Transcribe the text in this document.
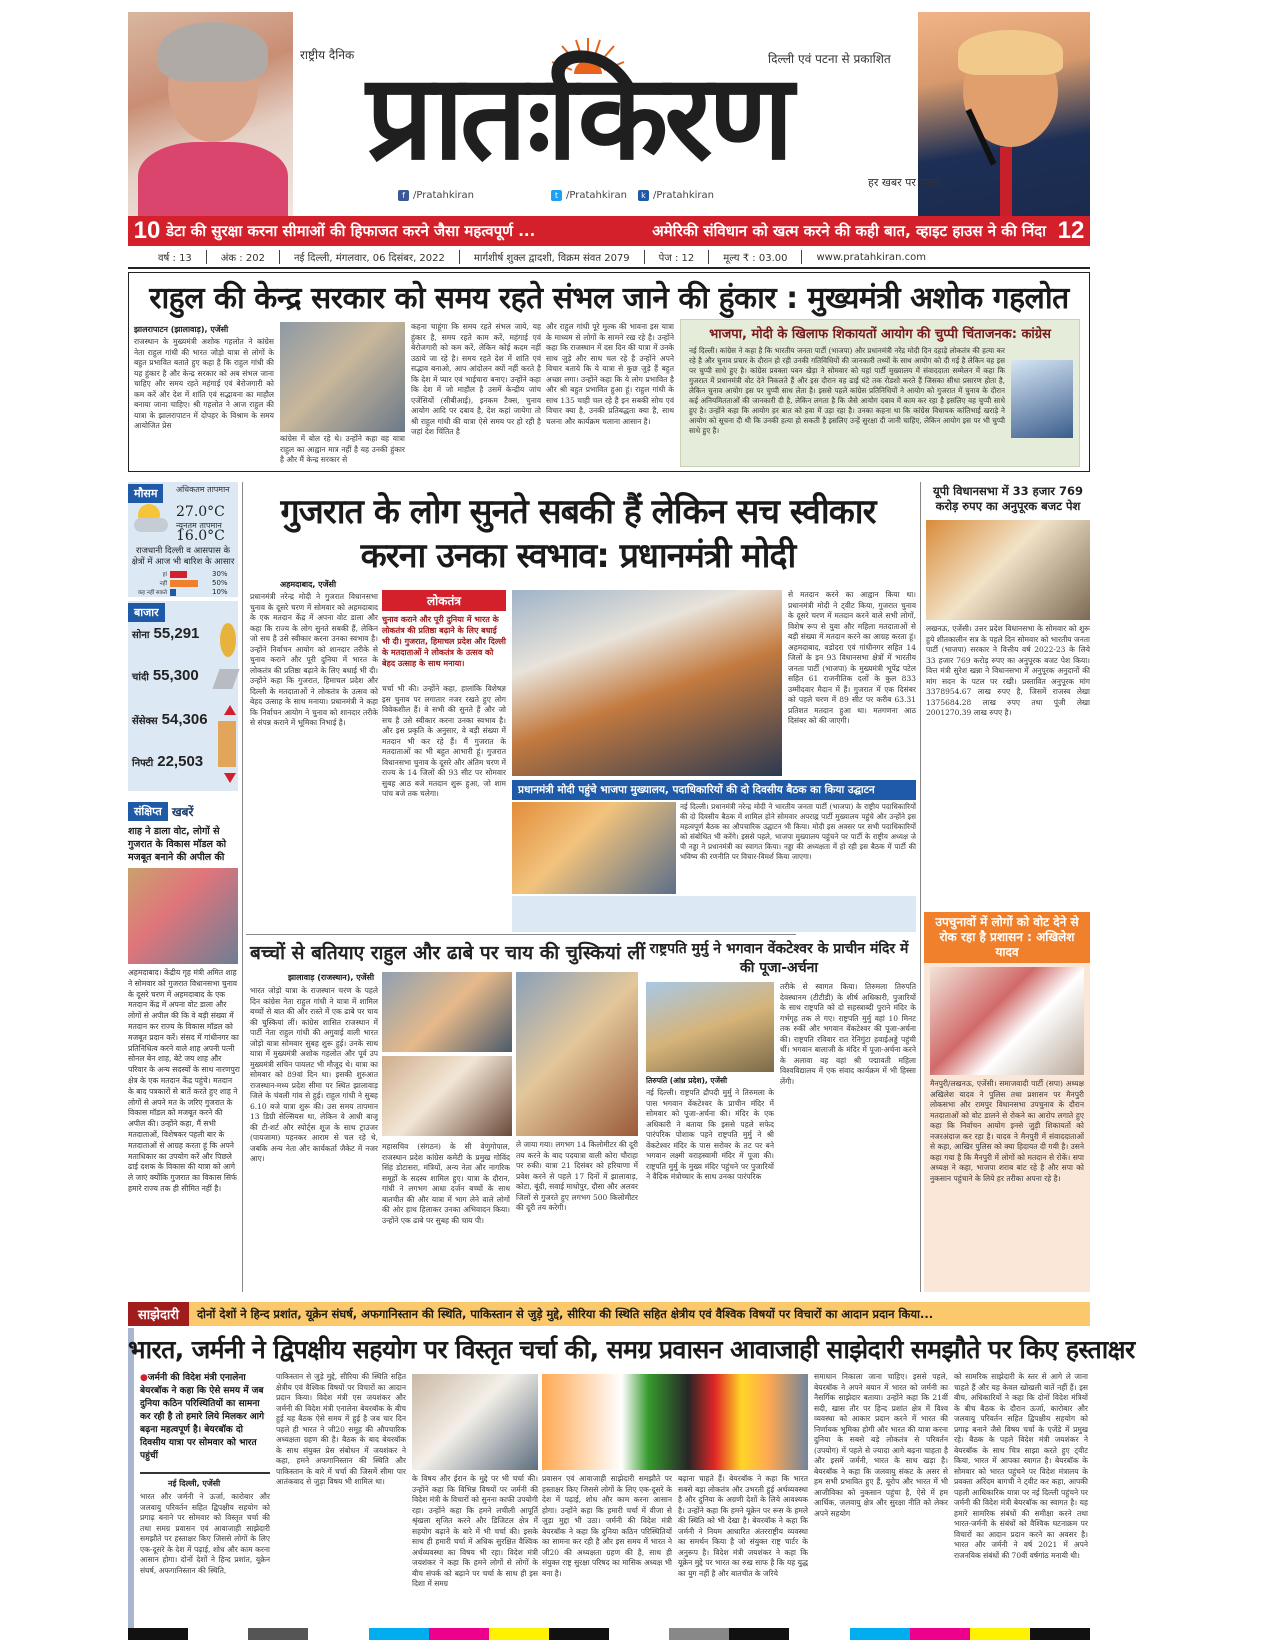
राष्ट्रीय दैनिक प्रातःकिरण
दिल्ली एवं पटना से प्रकाशित
हर खबर पर पकड़
f /Pratahkiran	t /Pratahkiran	k /Pratahkiran
10 डेटा की सुरक्षा करना सीमाओं की हिफाजत करने जैसा महत्वपूर्ण ...	अमेरिकी संविधान को खत्म करने की कही बात, व्हाइट हाउस ने की निंदा 12
वर्ष : 13	अंक : 202	नई दिल्ली, मंगलवार, 06 दिसंबर, 2022	मार्गशीर्ष शुक्ल द्वादशी, विक्रम संवत 2079	पेज : 12	मूल्य ₹ : 03.00	www.pratahkiran.com
राहुल की केन्द्र सरकार को समय रहते संभल जाने की हुंकार : मुख्यमंत्री अशोक गहलोत
झालरापाटन (झालावाड़), एजेंसी
राजस्थान के मुख्यमंत्री अशोक गहलोत ने कांग्रेस नेता राहुल गांधी की भारत जोड़ो यात्रा से लोगों के बहुत प्रभावित बताते हुए कहा है कि राहुल गांधी की यह हुंकार है और केन्द्र सरकार को अब संभल जाना चाहिए और समय रहते महंगाई एवं बेरोजगारी को कम करें और देश में शांति एवं सद्भावना का माहौल बनाया जाना चाहिए। श्री गहलोत ने आज राहुल की यात्रा के झालरापाटन में दोपहर के विश्राम के समय आयोजित प्रेस
कांग्रेस में बोल रहे थे। उन्होंने कहा वह यात्रा राहुल का आह्वान मात्र नहीं है यह उनकी हुंकार है और मैं केन्द्र सरकार से
कहना चाहूंगा कि समय रहते संभल जाये, यह हुंकार है, समय रहते काम करें, महंगाई एवं बेरोजगारी को कम करें, लेकिन कोई कदम नहीं उठाये जा रहे है। समय रहते देश में शांति एवं सद्भाव बनाओ, आप आंदोलन क्यों नहीं करते है कि देश में प्यार एवं भाईचारा बनाए। उन्होंने कहा कि देश में जो माहौल है उसमें केन्द्रीय जांच एजेंसियों (सीबीआई), इनकम टैक्स, चुनाव आयोग आदि पर दबाव है, देश कहां जायेगा तो श्री राहुल गांधी की यात्रा ऐसे समय पर हो रही है जहां देश चिंतित है
और राहुल गांधी पूरे मुल्क की भावना इस यात्रा के माध्यम से लोगों के सामने रख रहे है। उन्होंने कहा कि राजस्थान में दस दिन की यात्रा में उनके साथ जुड़े और साथ चल रहे है उन्होंने अपने विचार बताये कि ये यात्रा से कुछ जुड़े हैं बहुत अच्छा लगा। उन्होंने कहा कि ये लोग प्रभावित है और श्री बहुत प्रभावित हुआ हूं। राहुल गांधी के साथ 135 चाही चल रहे है इन सबकी सोच एवं विचार क्या है, उनकी प्रतिबद्धता क्या है, साथ चलना और कार्यक्रम चलाना आसान है।
भाजपा, मोदी के खिलाफ शिकायतों आयोग की चुप्पी चिंताजनक: कांग्रेस
नई दिल्ली। कांग्रेस ने कहा है कि भारतीय जनता पार्टी (भाजपा) और प्रधानमंत्री नरेंद्र मोदी दिन दहाड़े लोकतंत्र की हत्या कर रहे है और चुनाव प्रचार के दौरान हो रही उनकी गतिविधियों की जानकारी तथ्यों के साथ आयोग को दी गई है लेकिन वह इस पर चुप्पी साधे हुए है। कांग्रेस प्रवक्ता पवन खेड़ा ने सोमवार को यहां पार्टी मुख्यालय में संवाददाता सम्मेलन में कहा कि गुजरात में प्रधानमंत्री वोट देने निकलते हैं और इस दौरान वह ढाई घंटे तक रोडशो करते हैं जिसका सीधा प्रसारण होता है, लेकिन चुनाव आयोग इस पर चुप्पी साध लेता है। इससे पहले कांग्रेस प्रतिनिधियों ने आयोग को गुजरात में चुनाव के दौरान कई अनियमितताओं की जानकारी दी है, लेकिन लगता है कि जैसे आयोग दबाव में काम कर रहा है इसलिए वह चुप्पी साधे हुए है। उन्होंने कहा कि आयोग हर बात को हवा में उड़ा रहा है। उनका कहना था कि कांग्रेस विधायक कांतिभाई खराड़े ने आयोग को सूचना दी थी कि उनकी हत्या हो सकती है इसलिए उन्हें सुरक्षा दी जानी चाहिए, लेकिन आयोग इस पर भी चुप्पी साधे हुए है।
मौसम अधिकतम तापमान
27.0°C
न्यूनतम तापमान
16.0°C
राजधानी दिल्ली व आसपास के क्षेत्रों में आज भी बारिश के आसार
हां	30%
नहीं	50%
कह नहीं सकते	10%
बाजार
सोना 55,291
चांदी 55,300
सेंसेक्स 54,306
निफ्टी 22,503
संक्षिप्त खबरें
शाह ने डाला वोट, लोगों से गुजरात के विकास मॉडल को मजबूत बनाने की अपील की
अहमदाबाद। केंद्रीय गृह मंत्री अमित शाह ने सोमवार को गुजरात विधानसभा चुनाव के दूसरे चरण में अहमदाबाद के एक मतदान केंद्र में अपना वोट डाला और लोगों से अपील की कि वे बड़ी संख्या में मतदान कर राज्य के विकास मॉडल को मजबूत प्रदान करें। संसद में गांधीनगर का प्रतिनिधित्व करने वाले शाह अपनी पत्नी सोनल बेन शाह, बेटे जय शाह और परिवार के अन्य सदस्यों के साथ नारणपुरा क्षेत्र के एक मतदान केंद्र पहुंचे। मतदान के बाद पत्रकारों से बातें करते हुए शाह ने लोगों से अपने मत के जरिए गुजरात के विकास मॉडल को मजबूत करने की अपील की। उन्होंने कहा, मैं सभी मतदाताओं, विशेषकर पहली बार के मतदाताओं से आग्रह करता हूं कि अपने मताधिकार का उपयोग करें और पिछले ढाई दशक के विकास की यात्रा को आगे ले जाएं क्योंकि गुजरात का विकास सिर्फ हमारे राज्य तक ही सीमित नहीं है।
गुजरात के लोग सुनते सबकी हैं लेकिन सच स्वीकार करना उनका स्वभाव: प्रधानमंत्री मोदी
अहमदाबाद, एजेंसी
प्रधानमंत्री नरेन्द्र मोदी ने गुजरात विधानसभा चुनाव के दूसरे चरण में सोमवार को अहमदाबाद के एक मतदान केंद्र में अपना वोट डाला और कहा कि राज्य के लोग सुनते सबकी हैं, लेकिन जो सच है उसे स्वीकार करना उनका स्वभाव है। उन्होंने निर्वाचन आयोग को शानदार तरीके से चुनाव कराने और पूरी दुनिया में भारत के लोकतंत्र की प्रतिष्ठा बढ़ाने के लिए बधाई भी दी। उन्होंने कहा कि गुजरात, हिमाचल प्रदेश और दिल्ली के मतदाताओं ने लोकतंत्र के उत्सव को बेहद उत्साह के साथ मनाया। प्रधानमंत्री ने कहा कि निर्वाचन आयोग ने चुनाव को शानदार तरीके से संपन्न कराने में भूमिका निभाई है।
लोकतंत्र
चुनाव कराने और पूरी दुनिया में भारत के लोकतंत्र की प्रतिष्ठा बढ़ाने के लिए बधाई भी दी। गुजरात, हिमाचल प्रदेश और दिल्ली के मतदाताओं ने लोकतंत्र के उत्सव को बेहद उत्साह के साथ मनाया।
चर्चा भी की। उन्होंने कहा, हालांकि विशेषज्ञ इस चुनाव पर लगातार नजर रखते हुए लोग विवेकशील हैं। वे सभी की सुनते हैं और जो सच है उसे स्वीकार करना उनका स्वभाव है। और इस प्रकृति के अनुसार, वे बड़ी संख्या में मतदान भी कर रहे हैं। मैं गुजरात के मतदाताओं का भी बहुत आभारी हूं। गुजरात विधानसभा चुनाव के दूसरे और अंतिम चरण में राज्य के 14 जिलों की 93 सीट पर सोमवार सुबह आठ बजे मतदान शुरू हुआ, जो शाम पांच बजे तक चलेगा।
से मतदान करने का आह्वान किया था। प्रधानमंत्री मोदी ने ट्वीट किया, गुजरात चुनाव के दूसरे चरण में मतदान करने वाले सभी लोगों, विशेष रूप से युवा और महिला मतदाताओं से बड़ी संख्या में मतदान करने का आग्रह करता हूं। अहमदाबाद, वडोदरा एवं गांधीनगर सहित 14 जिलों के इन 93 विधानसभा क्षेत्रों में भारतीय जनता पार्टी (भाजपा) के मुख्यमंत्री भूपेंद्र पटेल सहित 61 राजनीतिक दलों के कुल 833 उम्मीदवार मैदान में हैं। गुजरात में एक दिसंबर को पहले चरण में 89 सीट पर करीब 63.31 प्रतिशत मतदान हुआ था। मतगणना आठ दिसंबर को की जाएगी।
प्रधानमंत्री मोदी पहुंचे भाजपा मुख्यालय, पदाधिकारियों की दो दिवसीय बैठक का किया उद्घाटन
नई दिल्ली। प्रधानमंत्री नरेन्द्र मोदी ने भारतीय जनता पार्टी (भाजपा) के राष्ट्रीय पदाधिकारियों की दो दिवसीय बैठक में शामिल होने सोमवार अपराह्न पार्टी मुख्यालय पहुंचे और उन्होंने इस महत्वपूर्ण बैठक का औपचारिक उद्घाटन भी किया। मोदी इस अवसर पर सभी पदाधिकारियों को संबोधित भी करेंगे। इससे पहले, भाजपा मुख्यालय पहुंचने पर पार्टी के राष्ट्रीय अध्यक्ष जे पी नड्डा ने प्रधानमंत्री का स्वागत किया। नड्डा की अध्यक्षता में हो रही इस बैठक में पार्टी की भविष्य की रणनीति पर विचार-विमर्श किया जाएगा।
यूपी विधानसभा में 33 हजार 769 करोड़ रुपए का अनुपूरक बजट पेश
लखनऊ, एजेंसी। उत्तर प्रदेश विधानसभा के सोमवार को शुरू हुये शीतकालीन सत्र के पहले दिन सोमवार को भारतीय जनता पार्टी (भाजपा) सरकार ने वित्तीय वर्ष 2022-23 के लिये 33 हजार 769 करोड़ रुपए का अनुपूरक बजट पेश किया। वित्त मंत्री सुरेश खन्ना ने विधानसभा में अनुपूरक अनुदानों की मांग सदन के पटल पर रखी। प्रस्तावित अनुपूरक मांग 3378954.67 लाख रुपए है, जिसमें राजस्व लेखा 1375684.28 लाख रुपए तथा पूंजी लेखा 2001270.39 लाख रुपए है।
उपचुनावों में लोगों को वोट देने से रोक रहा है प्रशासन : अखिलेश यादव
मैनपुरी/लखनऊ, एजेंसी। समाजवादी पार्टी (सपा) अध्यक्ष अखिलेश यादव ने पुलिस तथा प्रशासन पर मैनपुरी लोकसभा और रामपुर विधानसभा उपचुनाव के दौरान मतदाताओं को वोट डालने से रोकने का आरोप लगाते हुए कहा कि निर्वाचन आयोग इनसे जुड़ी शिकायतों को नजरअंदाज कर रहा है। यादव ने मैनपुरी में संवाददाताओं से कहा, आखिर पुलिस को क्या हिदायत दी गयी है। उसने कहा गया है कि मैनपुरी में लोगों को मतदान से रोकें। सपा अध्यक्ष ने कहा, भाजपा शराब बांट रहे है और सपा को नुकसान पहुंचाने के लिये हर तरीका अपना रहे है।
बच्चों से बतियाए राहुल और ढाबे पर चाय की चुस्कियां लीं
झालावाड़ (राजस्थान), एजेंसी
भारत जोड़ो यात्रा के राजस्थान चरण के पहले दिन कांग्रेस नेता राहुल गांधी ने यात्रा में शामिल बच्चों से बात की और रास्ते में एक ढाबे पर चाय की चुस्कियां लीं। कांग्रेस शासित राजस्थान में पार्टी नेता राहुल गांधी की अगुवाई वाली भारत जोड़ो यात्रा सोमवार सुबह शुरू हुई। उनके साथ यात्रा में मुख्यमंत्री अशोक गहलोत और पूर्व उप मुख्यमंत्री सचिन पायलट भी मौजूद थे। यात्रा का सोमवार को 89वां दिन था। इसकी शुरुआत राजस्थान-मध्य प्रदेश सीमा पर स्थित झालावाड़ जिले के चंवली गांव से हुई। राहुल गांधी ने सुबह 6.10 बजे यात्रा शुरू की। उस समय तापमान 13 डिग्री सेल्सियस था, लेकिन वे आधी बाजू की टी-शर्ट और स्पोर्ट्स शूज के साथ ट्राउजर (पायजामा) पहनकर आराम से चल रहे थे, जबकि अन्य नेता और कार्यकर्ता जैकेट में नजर आए।
महासचिव (संगठन) के सी वेणुगोपाल, राजस्थान प्रदेश कांग्रेस कमेटी के प्रमुख गोविंद सिंह डोटासरा, मंत्रियों, अन्य नेता और नागरिक समूहों के सदस्य शामिल हुए। यात्रा के दौरान, गांधी ने लगभग आधा दर्जन बच्चों के साथ बातचीत की और यात्रा में भाग लेने वाले लोगों की ओर हाथ हिलाकर उनका अभिवादन किया। उन्होंने एक ढाबे पर सुबह की चाय पी।
ले जाया गया। लगभग 14 किलोमीटर की दूरी तय करने के बाद पदयात्रा वाली कोरा चौराहा पर रुकी। यात्रा 21 दिसंबर को हरियाणा में प्रवेश करने से पहले 17 दिनों में झालावाड़, कोटा, बूंदी, सवाई माधोपुर, दौसा और अलवर जिलों से गुजरते हुए लगभग 500 किलोमीटर की दूरी तय करेगी।
राष्ट्रपति मुर्मु ने भगवान वेंकटेश्वर के प्राचीन मंदिर में की पूजा-अर्चना
तिरुपति (आंध्र प्रदेश), एजेंसी
नई दिल्ली। राष्ट्रपति द्रौपदी मुर्मु ने तिरुमला के पास भगवान वेंकटेश्वर के प्राचीन मंदिर में सोमवार को पूजा-अर्चना की। मंदिर के एक अधिकारी ने बताया कि इससे पहले सफेद पारंपरिक पोशाक पहने राष्ट्रपति मुर्मु ने श्री वेंकटेश्वर मंदिर के पास सरोवर के तट पर बने भगवान लक्ष्मी वराहस्वामी मंदिर में पूजा की। राष्ट्रपति मुर्मु के मुख्य मंदिर पहुंचने पर पुजारियों ने वैदिक मंत्रोच्चार के साथ उनका पारंपरिक
तरीके से स्वागत किया। तिरुमला तिरुपति देवस्थानम (टीटीडी) के शीर्ष अधिकारी, पुजारियों के साथ राष्ट्रपति को दो सहस्त्राब्दी पुराने मंदिर के गर्भगृह तक ले गए। राष्ट्रपति मुर्मु वहां 10 मिनट तक रुकीं और भगवान वेंकटेश्वर की पूजा-अर्चना की। राष्ट्रपति रविवार रात रेनिगुंटा हवाईअड्डे पहुंची थीं। भगवान बालाजी के मंदिर में पूजा-अर्चना करने के अलावा वह वहां श्री पद्मावती महिला विश्वविद्यालय में एक संवाद कार्यक्रम में भी हिस्सा लेंगी।
साझेदारी	दोनों देशों ने हिन्द प्रशांत, यूक्रेन संघर्ष, अफगानिस्तान की स्थिति, पाकिस्तान से जुड़े मुद्दे, सीरिया की स्थिति सहित क्षेत्रीय एवं वैश्विक विषयों पर विचारों का आदान प्रदान किया...
भारत, जर्मनी ने द्विपक्षीय सहयोग पर विस्तृत चर्चा की, समग्र प्रवासन आवाजाही साझेदारी समझौते पर किए हस्ताक्षर
●जर्मनी की विदेश मंत्री एनालेना बेयरबॉक ने कहा कि ऐसे समय में जब दुनिया कठिन परिस्थितियों का सामना कर रही है तो हमारे लिये मिलकर आगे बढ़ना महत्वपूर्ण है। बेयरबॉक दो दिवसीय यात्रा पर सोमवार को भारत पहुंचीं
नई दिल्ली, एजेंसी
भारत और जर्मनी ने ऊर्जा, कारोबार और जलवायु परिवर्तन सहित द्विपक्षीय सहयोग को प्रगाढ़ बनाने पर सोमवार को विस्तृत चर्चा की तथा समग्र प्रवासन एवं आवाजाही साझेदारी समझौते पर हस्ताक्षर किए जिससे लोगों के लिए एक-दूसरे के देश में पढ़ाई, शोध और काम करना आसान होगा। दोनों देशों ने हिन्द प्रशांत, यूक्रेन संघर्ष, अफगानिस्तान की स्थिति,
पाकिस्तान से जुड़े मुद्दे, सीरिया की स्थिति सहित क्षेत्रीय एवं वैश्विक विषयों पर विचारों का आदान प्रदान किया। विदेश मंत्री एस जयशंकर और जर्मनी की विदेश मंत्री एनालेना बेयरबॉक के बीच हुई यह बैठक ऐसे समय में हुई है जब चार दिन पहले ही भारत ने जी20 समूह की औपचारिक अध्यक्षता ग्रहण की है। बैठक के बाद बेयरबॉक के साथ संयुक्त प्रेस संबोधन में जयशंकर ने कहा, हमने अफगानिस्तान की स्थिति और पाकिस्तान के बारे में चर्चा की जिसमें सीमा पार आतंकवाद से जुड़ा विषय भी शामिल था।	के विषय और ईरान के मुद्दे पर भी चर्चा की। उन्होंने कहा कि विभिन्न विषयों पर जर्मनी की विदेश मंत्री के विचारों को सुनना काफी उपयोगी रहा। उन्होंने कहा कि हमने लचीली आपूर्ति श्रृंखला सृजित करने और डिजिटल क्षेत्र में सहयोग बढ़ाने के बारे में भी चर्चा की। इसके साथ ही हमारी चर्चा में अधिक सुरक्षित वैश्विक अर्थव्यवस्था का विषय भी रहा। विदेश मंत्री जयशंकर ने कहा कि हमने लोगों से लोगों के बीच संपर्क को बढ़ाने पर चर्चा के साथ ही इस दिशा में समग्र
प्रवासन एवं आवाजाही साझेदारी समझौते पर हस्ताक्षर किए जिससे लोगों के लिए एक-दूसरे के देश में पढ़ाई, शोध और काम करना आसान होगा। उन्होंने कहा कि हमारी चर्चा में वीजा से जुड़ा मुद्दा भी उठा। जर्मनी की विदेश मंत्री बेयरबॉक ने कहा कि दुनिया कठिन परिस्थितियों का सामना कर रही है और इस समय में भारत ने जी20 की अध्यक्षता ग्रहण की है, साथ ही संयुक्त राष्ट्र सुरक्षा परिषद का मासिक अध्यक्ष भी बना है।
बढ़ाना चाहते हैं। बेयरबॉक ने कहा कि भारत सबसे बड़ा लोकतंत्र और उभरती हुई अर्थव्यवस्था है और दुनिया के अग्रणी देशों के लिये आवश्यक है। उन्होंने कहा कि हमने यूक्रेन पर रूस के हमले की स्थिति को भी देखा है। बेयरबॉक ने कहा कि जर्मनी ने नियम आधारित अंतरराष्ट्रीय व्यवस्था का समर्थन किया है जो संयुक्त राष्ट्र चार्टर के अनुरूप है। विदेश मंत्री जयशंकर ने कहा कि यूक्रेन मुद्दे पर भारत का रुख साफ है कि यह युद्ध का युग नहीं है और बातचीत के जरिये
समाधान निकाला जाना चाहिए। इससे पहले, बेयरबॉक ने अपने बयान में भारत को जर्मनी का नैसर्गिक साझेदार बताया। उन्होंने कहा कि 21वीं सदी, खास तौर पर हिन्द प्रशांत क्षेत्र में विश्व व्यवस्था को आकार प्रदान करने में भारत की निर्णायक भूमिका होगी और भारत की यात्रा करना दुनिया के सबसे बड़े लोकतंत्र से परिवर्तन (उपयोग) में पहले से ज्यादा आगे बढ़ना चाहता है और इसमें जर्मनी, भारत के साथ खड़ा है। बेयरबॉक ने कहा कि जलवायु संकट के असर से हम सभी प्रभावित हुए हैं, यूरोप और भारत में भी आजीविका को नुकसान पहुंचा है, ऐसे में हम आर्थिक, जलवायु क्षेत्र और सुरक्षा नीति को लेकर अपने सहयोग
को सामरिक साझेदारी के स्तर से आगे ले जाना चाहते हैं और यह केवल खोखली बातें नहीं हैं। इस बीच, अधिकारियों ने कहा कि दोनों विदेश मंत्रियों के बीच बैठक के दौरान ऊर्जा, कारोबार और जलवायु परिवर्तन सहित द्विपक्षीय सहयोग को प्रगाढ़ बनाने जैसे विषय चर्चा के एजेंडे में प्रमुख रहे। बैठक के पहले विदेश मंत्री जयशंकर ने बेयरबॉक के साथ चित्र साझा करते हुए ट्वीट किया, भारत में आपका स्वागत है। बेयरबॉक के सोमवार को भारत पहुंचने पर विदेश मंत्रालय के प्रवक्ता अरिंदम बागची ने ट्वीट कर कहा, आपकी पहली आधिकारिक यात्रा पर नई दिल्ली पहुंचने पर जर्मनी की विदेश मंत्री बेयरबॉक का स्वागत है। यह हमारे सामरिक संबंधों की समीक्षा करने तथा भारत-जर्मनी के संबंधों को वैश्विक घटनाक्रम पर विचारों का आदान प्रदान करने का अवसर है। भारत और जर्मनी ने वर्ष 2021 में अपने राजनयिक संबंधों की 70वीं वर्षगांठ मनायी थी।
